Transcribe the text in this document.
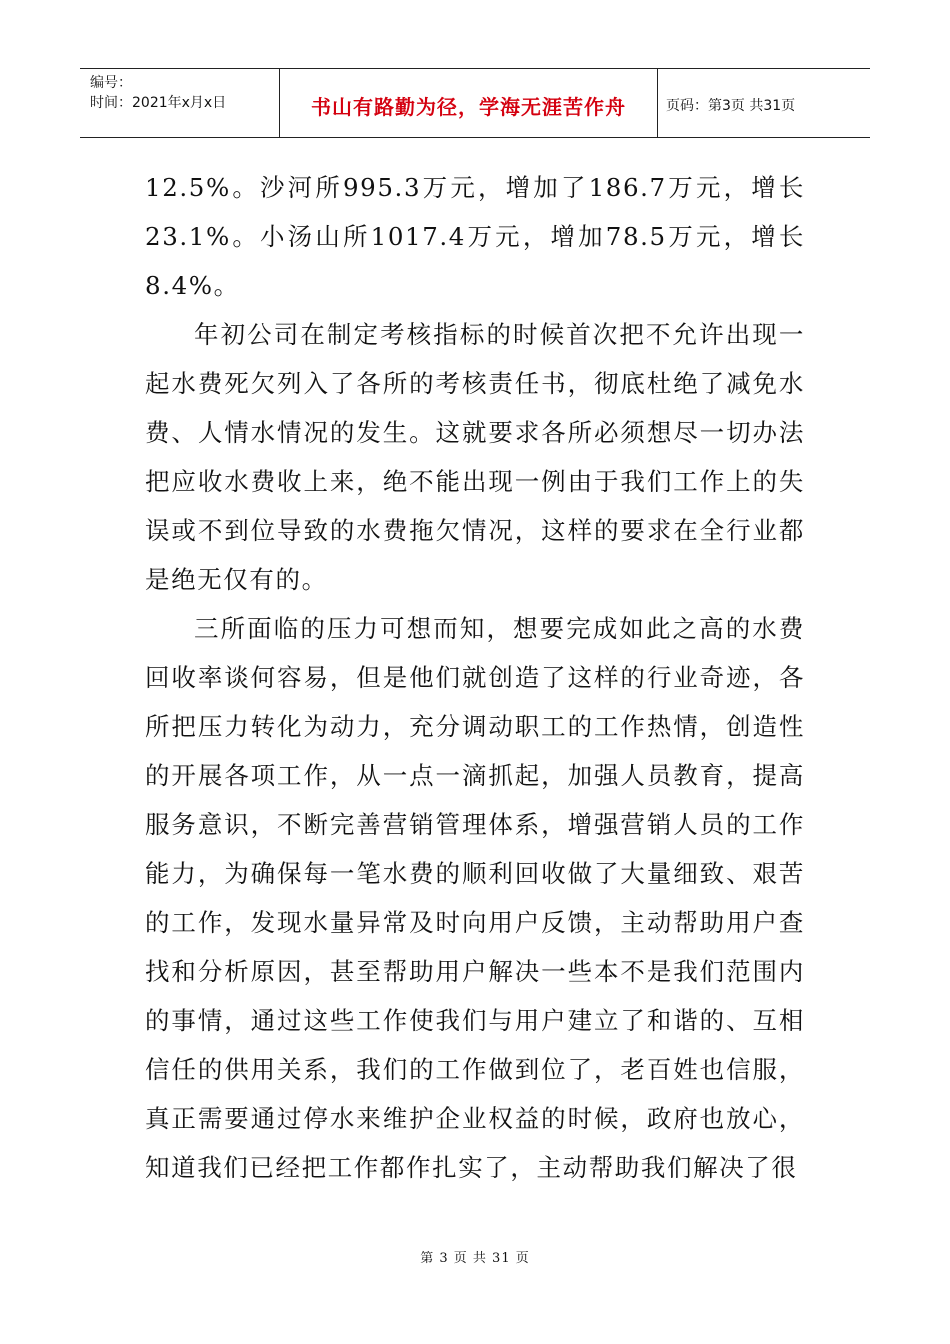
编号：
时间：2021年x月x日	书山有路勤为径，学海无涯苦作舟	页码：第3页 共31页

12.5%。沙河所995.3万元，增加了186.7万元，增长23.1%。小汤山所1017.4万元，增加78.5万元，增长8.4%。

年初公司在制定考核指标的时候首次把不允许出现一起水费死欠列入了各所的考核责任书，彻底杜绝了减免水费、人情水情况的发生。这就要求各所必须想尽一切办法把应收水费收上来，绝不能出现一例由于我们工作上的失误或不到位导致的水费拖欠情况，这样的要求在全行业都是绝无仅有的。

三所面临的压力可想而知，想要完成如此之高的水费回收率谈何容易，但是他们就创造了这样的行业奇迹，各所把压力转化为动力，充分调动职工的工作热情，创造性的开展各项工作，从一点一滴抓起，加强人员教育，提高服务意识，不断完善营销管理体系，增强营销人员的工作能力，为确保每一笔水费的顺利回收做了大量细致、艰苦的工作，发现水量异常及时向用户反馈，主动帮助用户查找和分析原因，甚至帮助用户解决一些本不是我们范围内的事情，通过这些工作使我们与用户建立了和谐的、互相信任的供用关系，我们的工作做到位了，老百姓也信服，真正需要通过停水来维护企业权益的时候，政府也放心，知道我们已经把工作都作扎实了，主动帮助我们解决了很

第 3 页 共 31 页
